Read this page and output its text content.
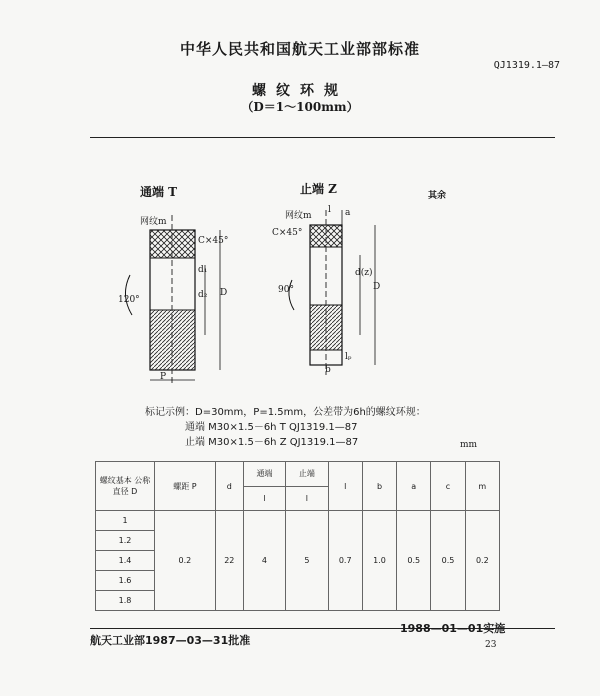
中华人民共和国航天工业部部标准
QJ1319.1—87
螺纹环规
（D＝1～100mm）
通端 T	止端 Z	其余
网纹m
C×45°
120°	d₂
d₁
D
P
网纹m
C×45°
90°
d(z)
D
a
l
lₚ
b
标记示例：D=30mm，P=1.5mm，公差带为6h的螺纹环规：
通端 M30×1.5－6h T QJ1319.1—87
止端 M30×1.5－6h Z QJ1319.1—87	mm
螺纹基本 公称直径 D	螺距 P	d	通端	止端	l	b	a	c	m
			l	l					
1	0.2	22	4	5	0.7	1.0	0.5	0.5	0.2
1.2									
1.4									
1.6									
1.8									
航天工业部1987—03—31批准
1988—01—01实施
23
